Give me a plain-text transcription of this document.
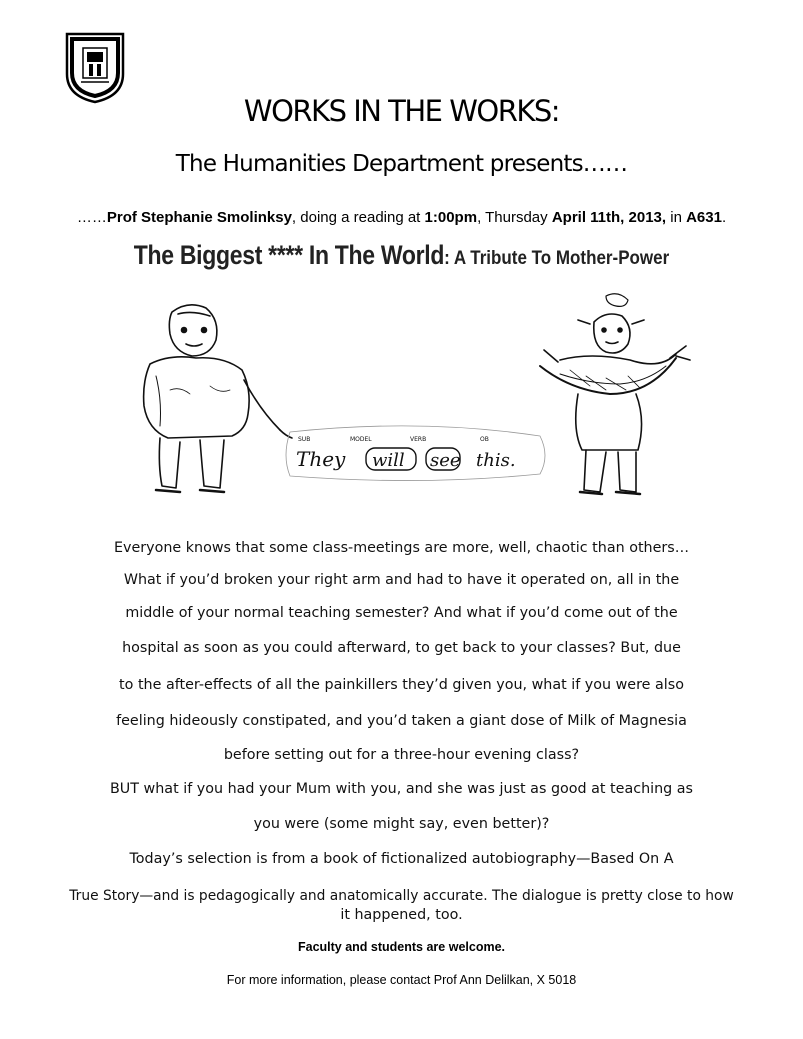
WORKS IN THE WORKS:
The Humanities Department presents……
……Prof Stephanie Smolinksy, doing a reading at 1:00pm, Thursday April 11th, 2013, in A631.
The Biggest **** In The World: A Tribute To Mother-Power
SUB	MODEL	VERB	OB
They will see this.
Everyone knows that some class-meetings are more, well, chaotic than others…
What if you’d broken your right arm and had to have it operated on, all in the
middle of your normal teaching semester? And what if you’d come out of the
hospital as soon as you could afterward, to get back to your classes? But, due
to the after-effects of all the painkillers they’d given you, what if you were also
feeling hideously constipated, and you’d taken a giant dose of Milk of Magnesia
before setting out for a three-hour evening class?
BUT what if you had your Mum with you, and she was just as good at teaching as
you were (some might say, even better)?
Today’s selection is from a book of fictionalized autobiography—Based On A
True Story—and is pedagogically and anatomically accurate. The dialogue is pretty close to how
it happened, too.
Faculty and students are welcome.
For more information, please contact Prof Ann Delilkan, X 5018
